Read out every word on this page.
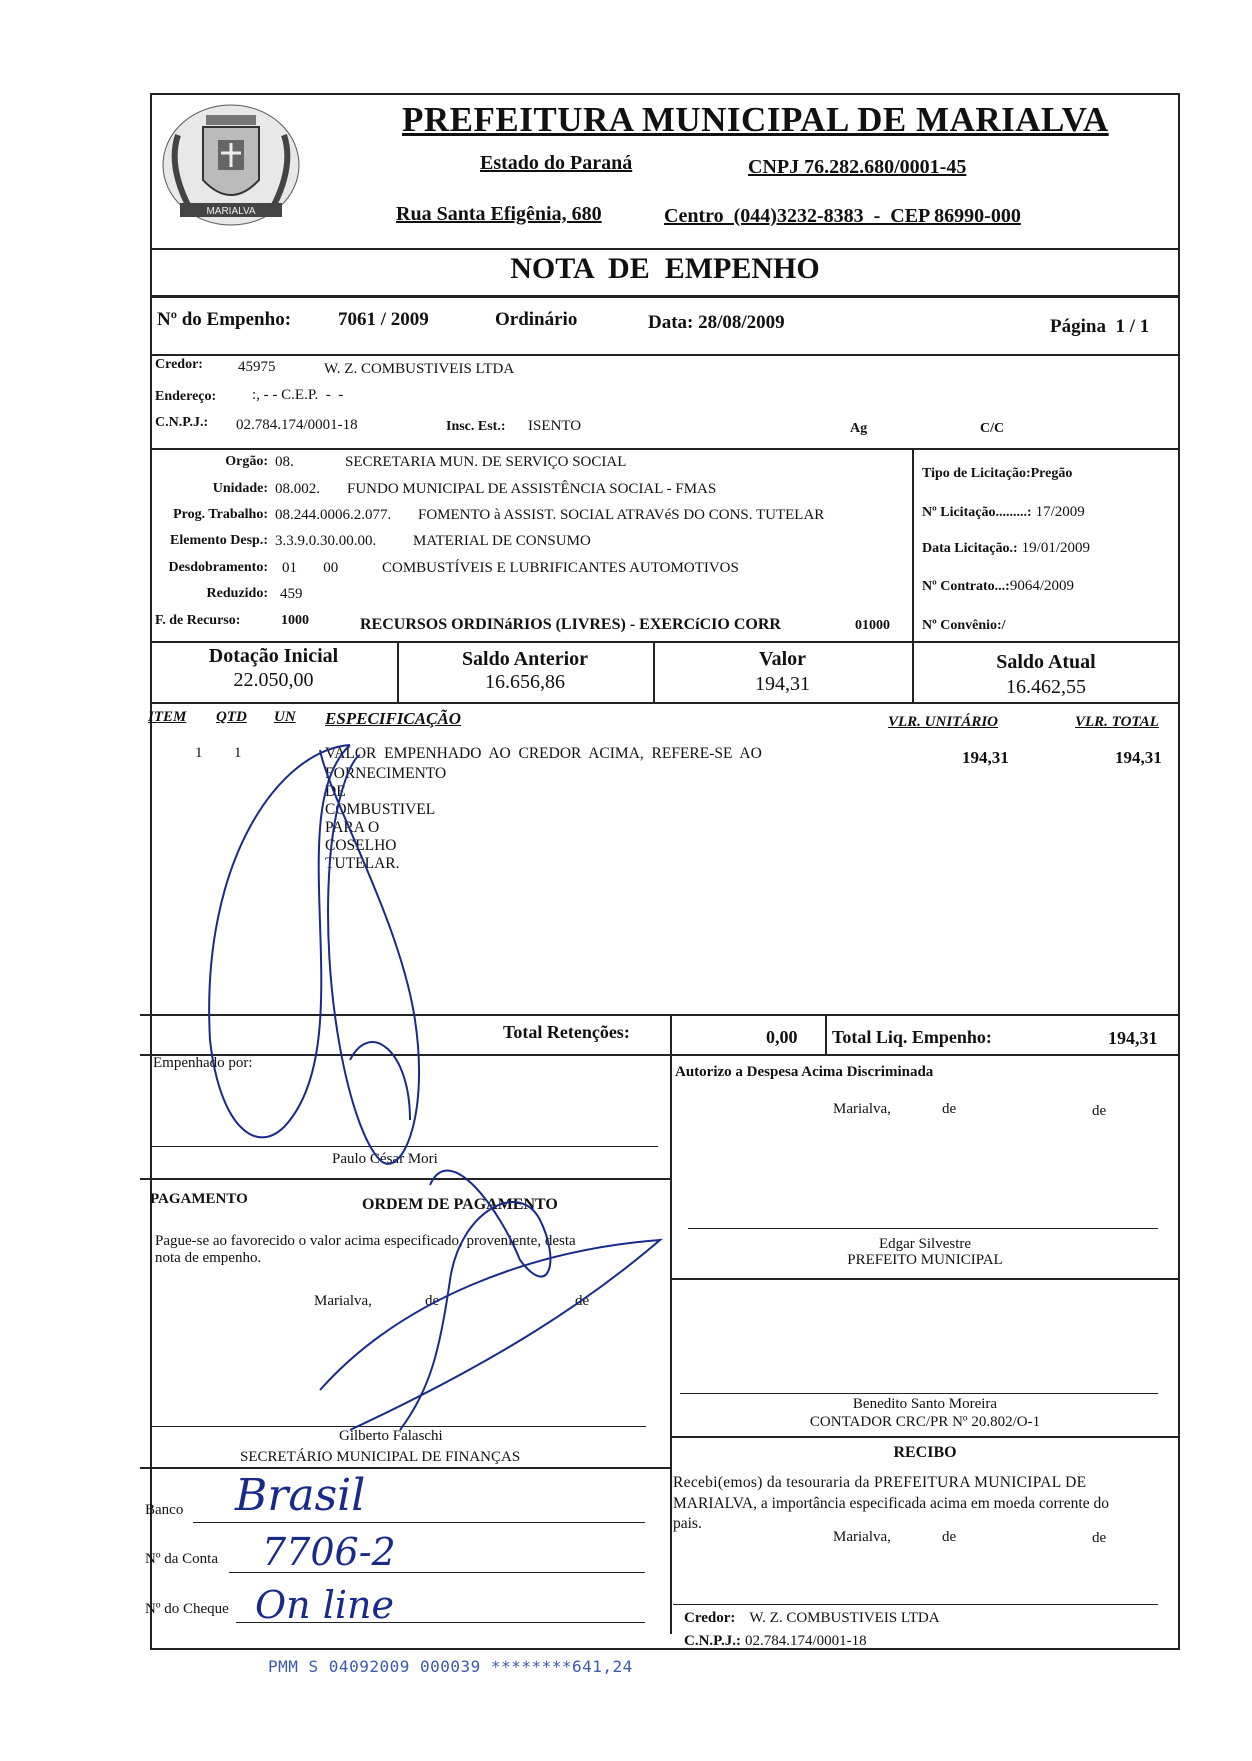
MARIALVA
PREFEITURA MUNICIPAL DE MARIALVA
Estado do Paraná	CNPJ 76.282.680/0001-45
Rua Santa Efigênia, 680	Centro  (044)3232-8383  -  CEP 86990-000
NOTA  DE  EMPENHO
Nº do Empenho: 7061 / 2009	Ordinário	Data: 28/08/2009	Página  1 / 1
Credor: 45975	W. Z. COMBUSTIVEIS LTDA
Endereço: :, - - C.E.P.  -  -
C.N.P.J.: 02.784.174/0001-18	Insc. Est.: ISENTO	Ag	C/C
Orgão: 08.	SECRETARIA MUN. DE SERVIÇO SOCIAL
Unidade: 08.002. FUNDO MUNICIPAL DE ASSISTÊNCIA SOCIAL - FMAS
Prog. Trabalho: 08.244.0006.2.077. FOMENTO à ASSIST. SOCIAL ATRAVéS DO CONS. TUTELAR
Elemento Desp.: 3.3.9.0.30.00.00. MATERIAL DE CONSUMO
Desdobramento: 01       00	COMBUSTÍVEIS E LUBRIFICANTES AUTOMOTIVOS
Reduzido: 459
F. de Recurso:	1000	RECURSOS ORDINáRIOS (LIVRES) - EXERCíCIO CORR	01000
Tipo de Licitação:Pregão
Nº Licitação.........: 17/2009
Data Licitação.: 19/01/2009
Nº Contrato...:9064/2009
Nº Convênio:/
Dotação Inicial
22.050,00
Saldo Anterior
16.656,86
Valor
194,31
Saldo Atual
16.462,55
ITEM QTD UN ESPECIFICAÇÃO	VLR. UNITÁRIO	VLR. TOTAL
1 1	VALOR  EMPENHADO  AO  CREDOR  ACIMA,  REFERE-SE  AO
FORNECIMENTO DE COMBUSTIVEL PARA O COSELHO TUTELAR.
194,31	194,31
Total Retenções:	0,00 Total Liq. Empenho:	194,31
Empenhado por:
Paulo César Mori
Autorizo a Despesa Acima Discriminada
Marialva,	de	de
Edgar Silvestre
PREFEITO MUNICIPAL
PAGAMENTO	ORDEM DE PAGAMENTO
Pague-se ao favorecido o valor acima especificado, proveniente, desta
nota de empenho.
Marialva,	de	de
Gilberto Falaschi
SECRETÁRIO MUNICIPAL DE FINANÇAS
Benedito Santo Moreira
CONTADOR CRC/PR Nº 20.802/O-1
RECIBO
Recebi(emos) da tesouraria da PREFEITURA MUNICIPAL DE
MARIALVA, a importância especificada acima em moeda corrente do
pais.
Marialva,	de	de
Credor: W. Z. COMBUSTIVEIS LTDA
C.N.P.J.: 02.784.174/0001-18
Banco Brasil
Nº da Conta 7706-2
Nº do Cheque On line
PMM S 04092009 000039 ********641,24
